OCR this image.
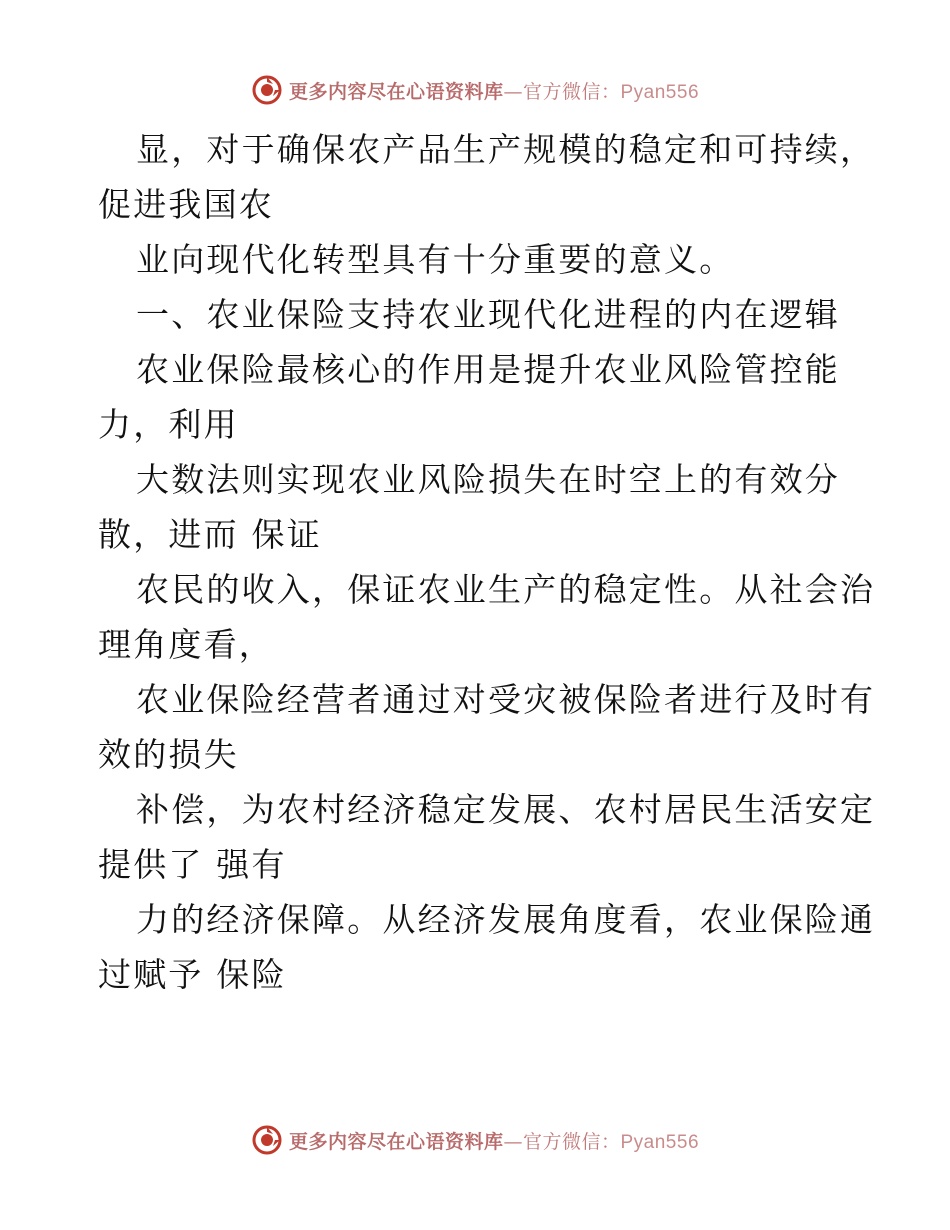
更多内容尽在心语资料库—官方微信：Pyan556
显，对于确保农产品生产规模的稳定和可持续，
促进我国农
业向现代化转型具有十分重要的意义。
一、农业保险支持农业现代化进程的内在逻辑
农业保险最核心的作用是提升农业风险管控能
力，利用
大数法则实现农业风险损失在时空上的有效分
散，进而 保证
农民的收入，保证农业生产的稳定性。从社会治
理角度看，
农业保险经营者通过对受灾被保险者进行及时有
效的损失
补偿，为农村经济稳定发展、农村居民生活安定
提供了 强有
力的经济保障。从经济发展角度看，农业保险通
过赋予 保险
更多内容尽在心语资料库—官方微信：Pyan556
